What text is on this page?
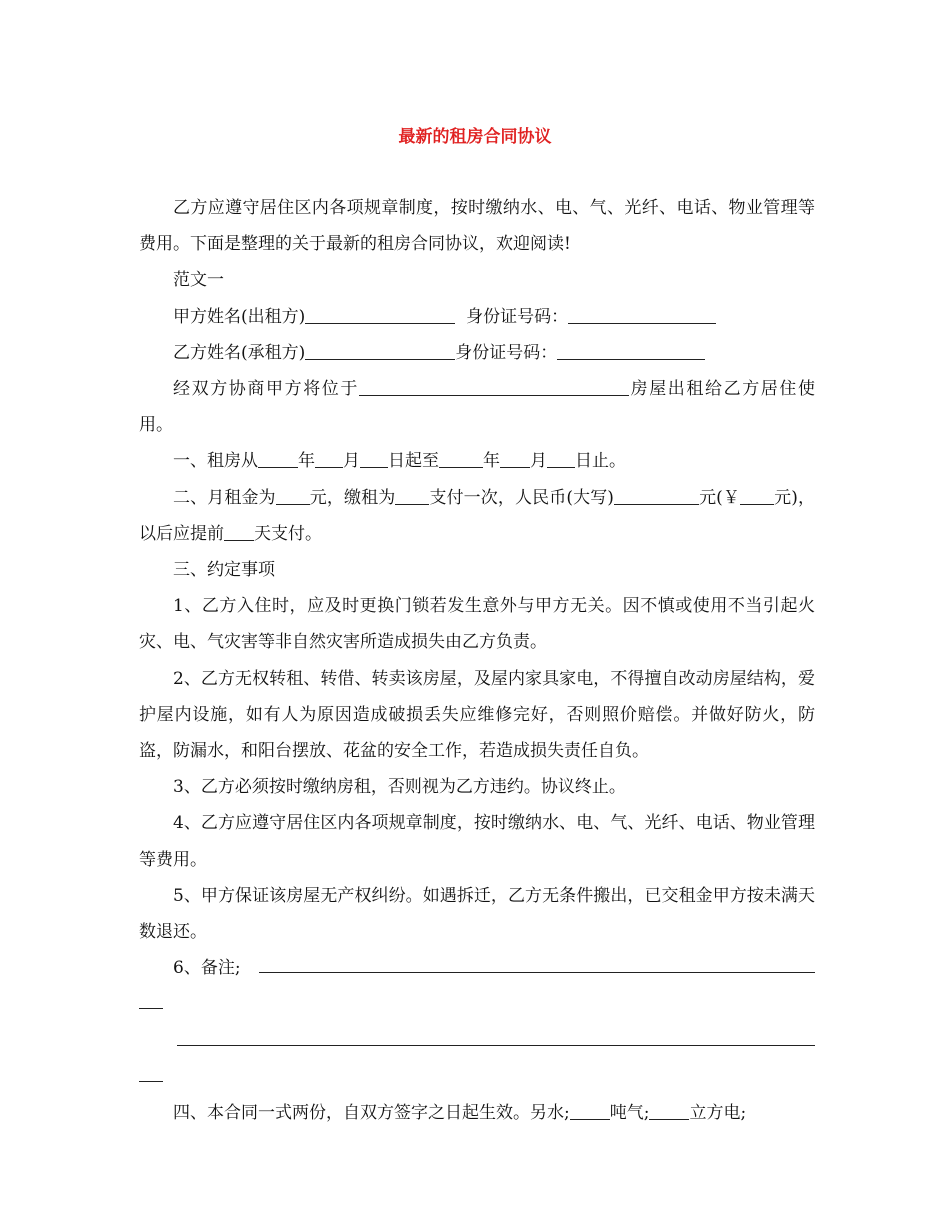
最新的租房合同协议

乙方应遵守居住区内各项规章制度，按时缴纳水、电、气、光纤、电话、物业管理等费用。下面是整理的关于最新的租房合同协议，欢迎阅读!

范文一

甲方姓名(出租方)	身份证号码：

乙方姓名(承租方)	身份证号码：

经双方协商甲方将位于	房屋出租给乙方居住使用。

一、租房从 年 月 日起至	年 月 日止。

二、月租金为 元，缴租为 支付一次，人民币(大写)	元(￥ 元)，以后应提前 天支付。

三、约定事项

1、乙方入住时，应及时更换门锁若发生意外与甲方无关。因不慎或使用不当引起火灾、电、气灾害等非自然灾害所造成损失由乙方负责。

2、乙方无权转租、转借、转卖该房屋，及屋内家具家电，不得擅自改动房屋结构，爱护屋内设施，如有人为原因造成破损丢失应维修完好，否则照价赔偿。并做好防火，防盗，防漏水，和阳台摆放、花盆的安全工作，若造成损失责任自负。

3、乙方必须按时缴纳房租，否则视为乙方违约。协议终止。

4、乙方应遵守居住区内各项规章制度，按时缴纳水、电、气、光纤、电话、物业管理等费用。

5、甲方保证该房屋无产权纠纷。如遇拆迁，乙方无条件搬出，已交租金甲方按未满天数退还。

6、备注;

四、本合同一式两份，自双方签字之日起生效。另水; 吨气; 立方电;
